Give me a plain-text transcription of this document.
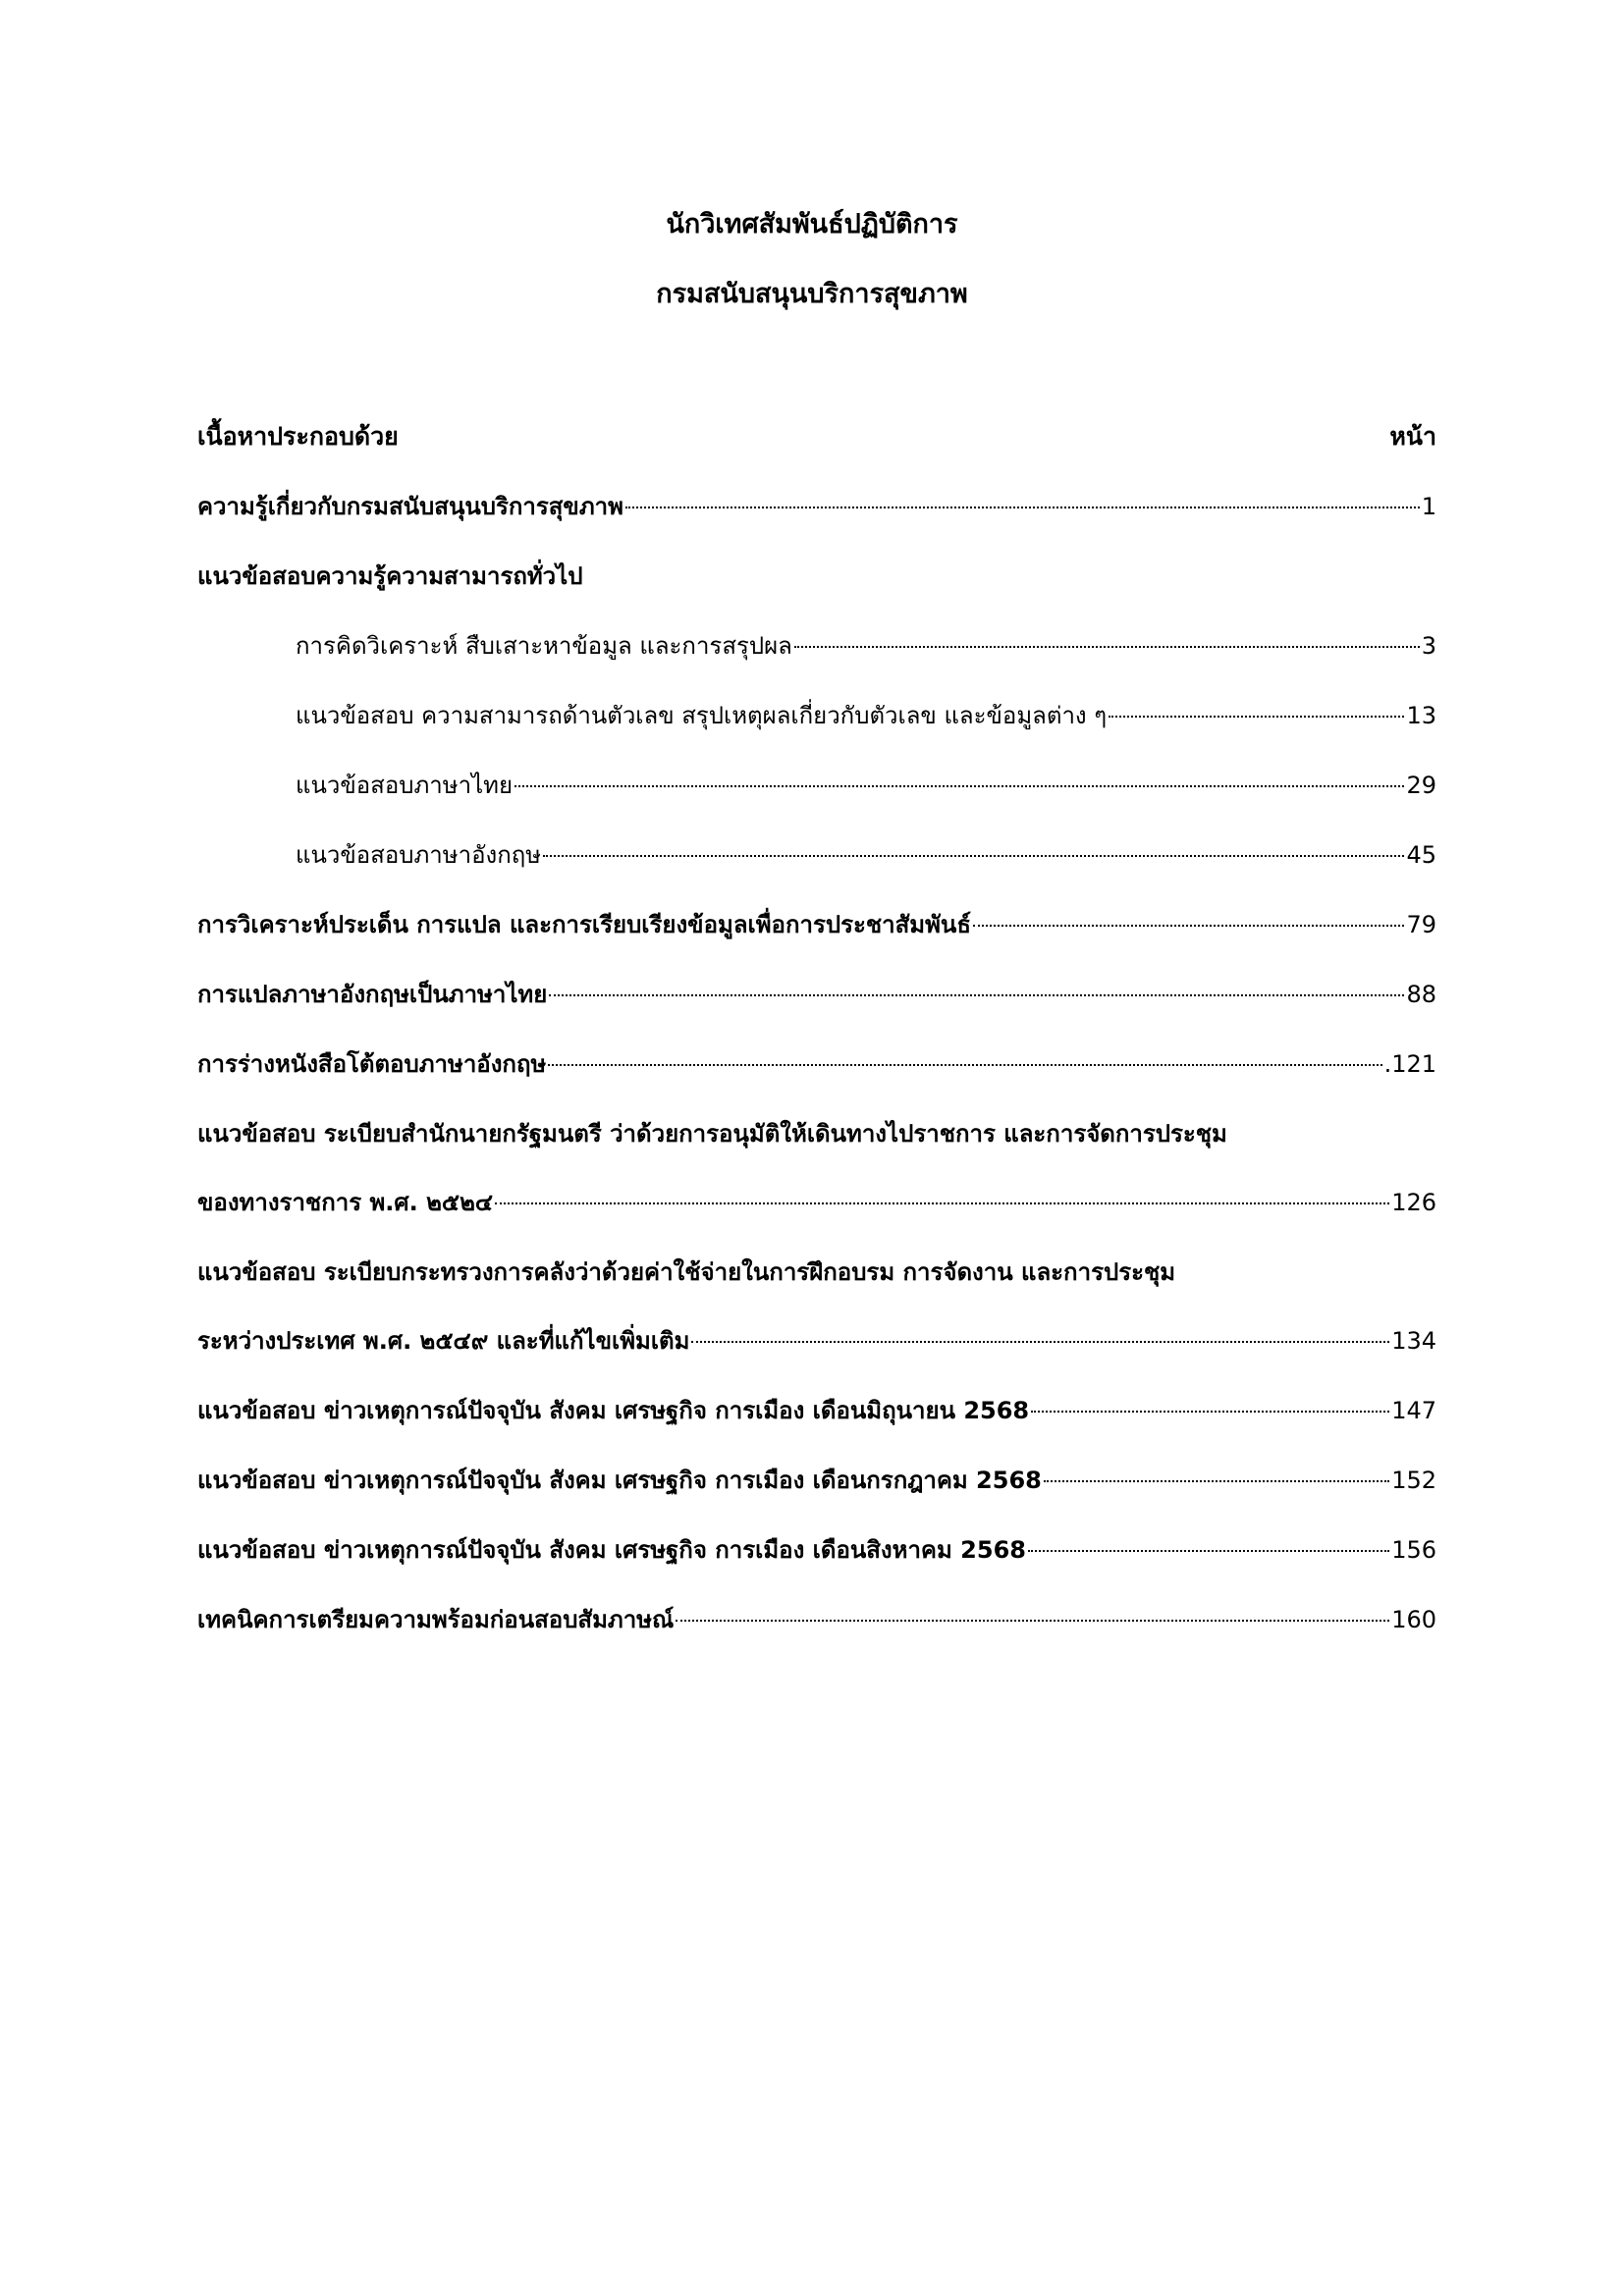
นักวิเทศสัมพันธ์ปฏิบัติการ
กรมสนับสนุนบริการสุขภาพ
เนื้อหาประกอบด้วย	หน้า
ความรู้เกี่ยวกับกรมสนับสนุนบริการสุขภาพ	1
แนวข้อสอบความรู้ความสามารถทั่วไป
การคิดวิเคราะห์ สืบเสาะหาข้อมูล และการสรุปผล	3
แนวข้อสอบ ความสามารถด้านตัวเลข สรุปเหตุผลเกี่ยวกับตัวเลข และข้อมูลต่าง ๆ	13
แนวข้อสอบภาษาไทย	29
แนวข้อสอบภาษาอังกฤษ	45
การวิเคราะห์ประเด็น การแปล และการเรียบเรียงข้อมูลเพื่อการประชาสัมพันธ์	79
การแปลภาษาอังกฤษเป็นภาษาไทย	88
การร่างหนังสือโต้ตอบภาษาอังกฤษ	.121
แนวข้อสอบ ระเบียบสำนักนายกรัฐมนตรี ว่าด้วยการอนุมัติให้เดินทางไปราชการ และการจัดการประชุม
ของทางราชการ พ.ศ. ๒๕๒๔	126
แนวข้อสอบ ระเบียบกระทรวงการคลังว่าด้วยค่าใช้จ่ายในการฝึกอบรม การจัดงาน และการประชุม
ระหว่างประเทศ พ.ศ. ๒๕๔๙ และที่แก้ไขเพิ่มเติม	134
แนวข้อสอบ ข่าวเหตุการณ์ปัจจุบัน สังคม เศรษฐกิจ การเมือง เดือนมิถุนายน 2568	147
แนวข้อสอบ ข่าวเหตุการณ์ปัจจุบัน สังคม เศรษฐกิจ การเมือง เดือนกรกฎาคม 2568	152
แนวข้อสอบ ข่าวเหตุการณ์ปัจจุบัน สังคม เศรษฐกิจ การเมือง เดือนสิงหาคม 2568	156
เทคนิคการเตรียมความพร้อมก่อนสอบสัมภาษณ์	160
